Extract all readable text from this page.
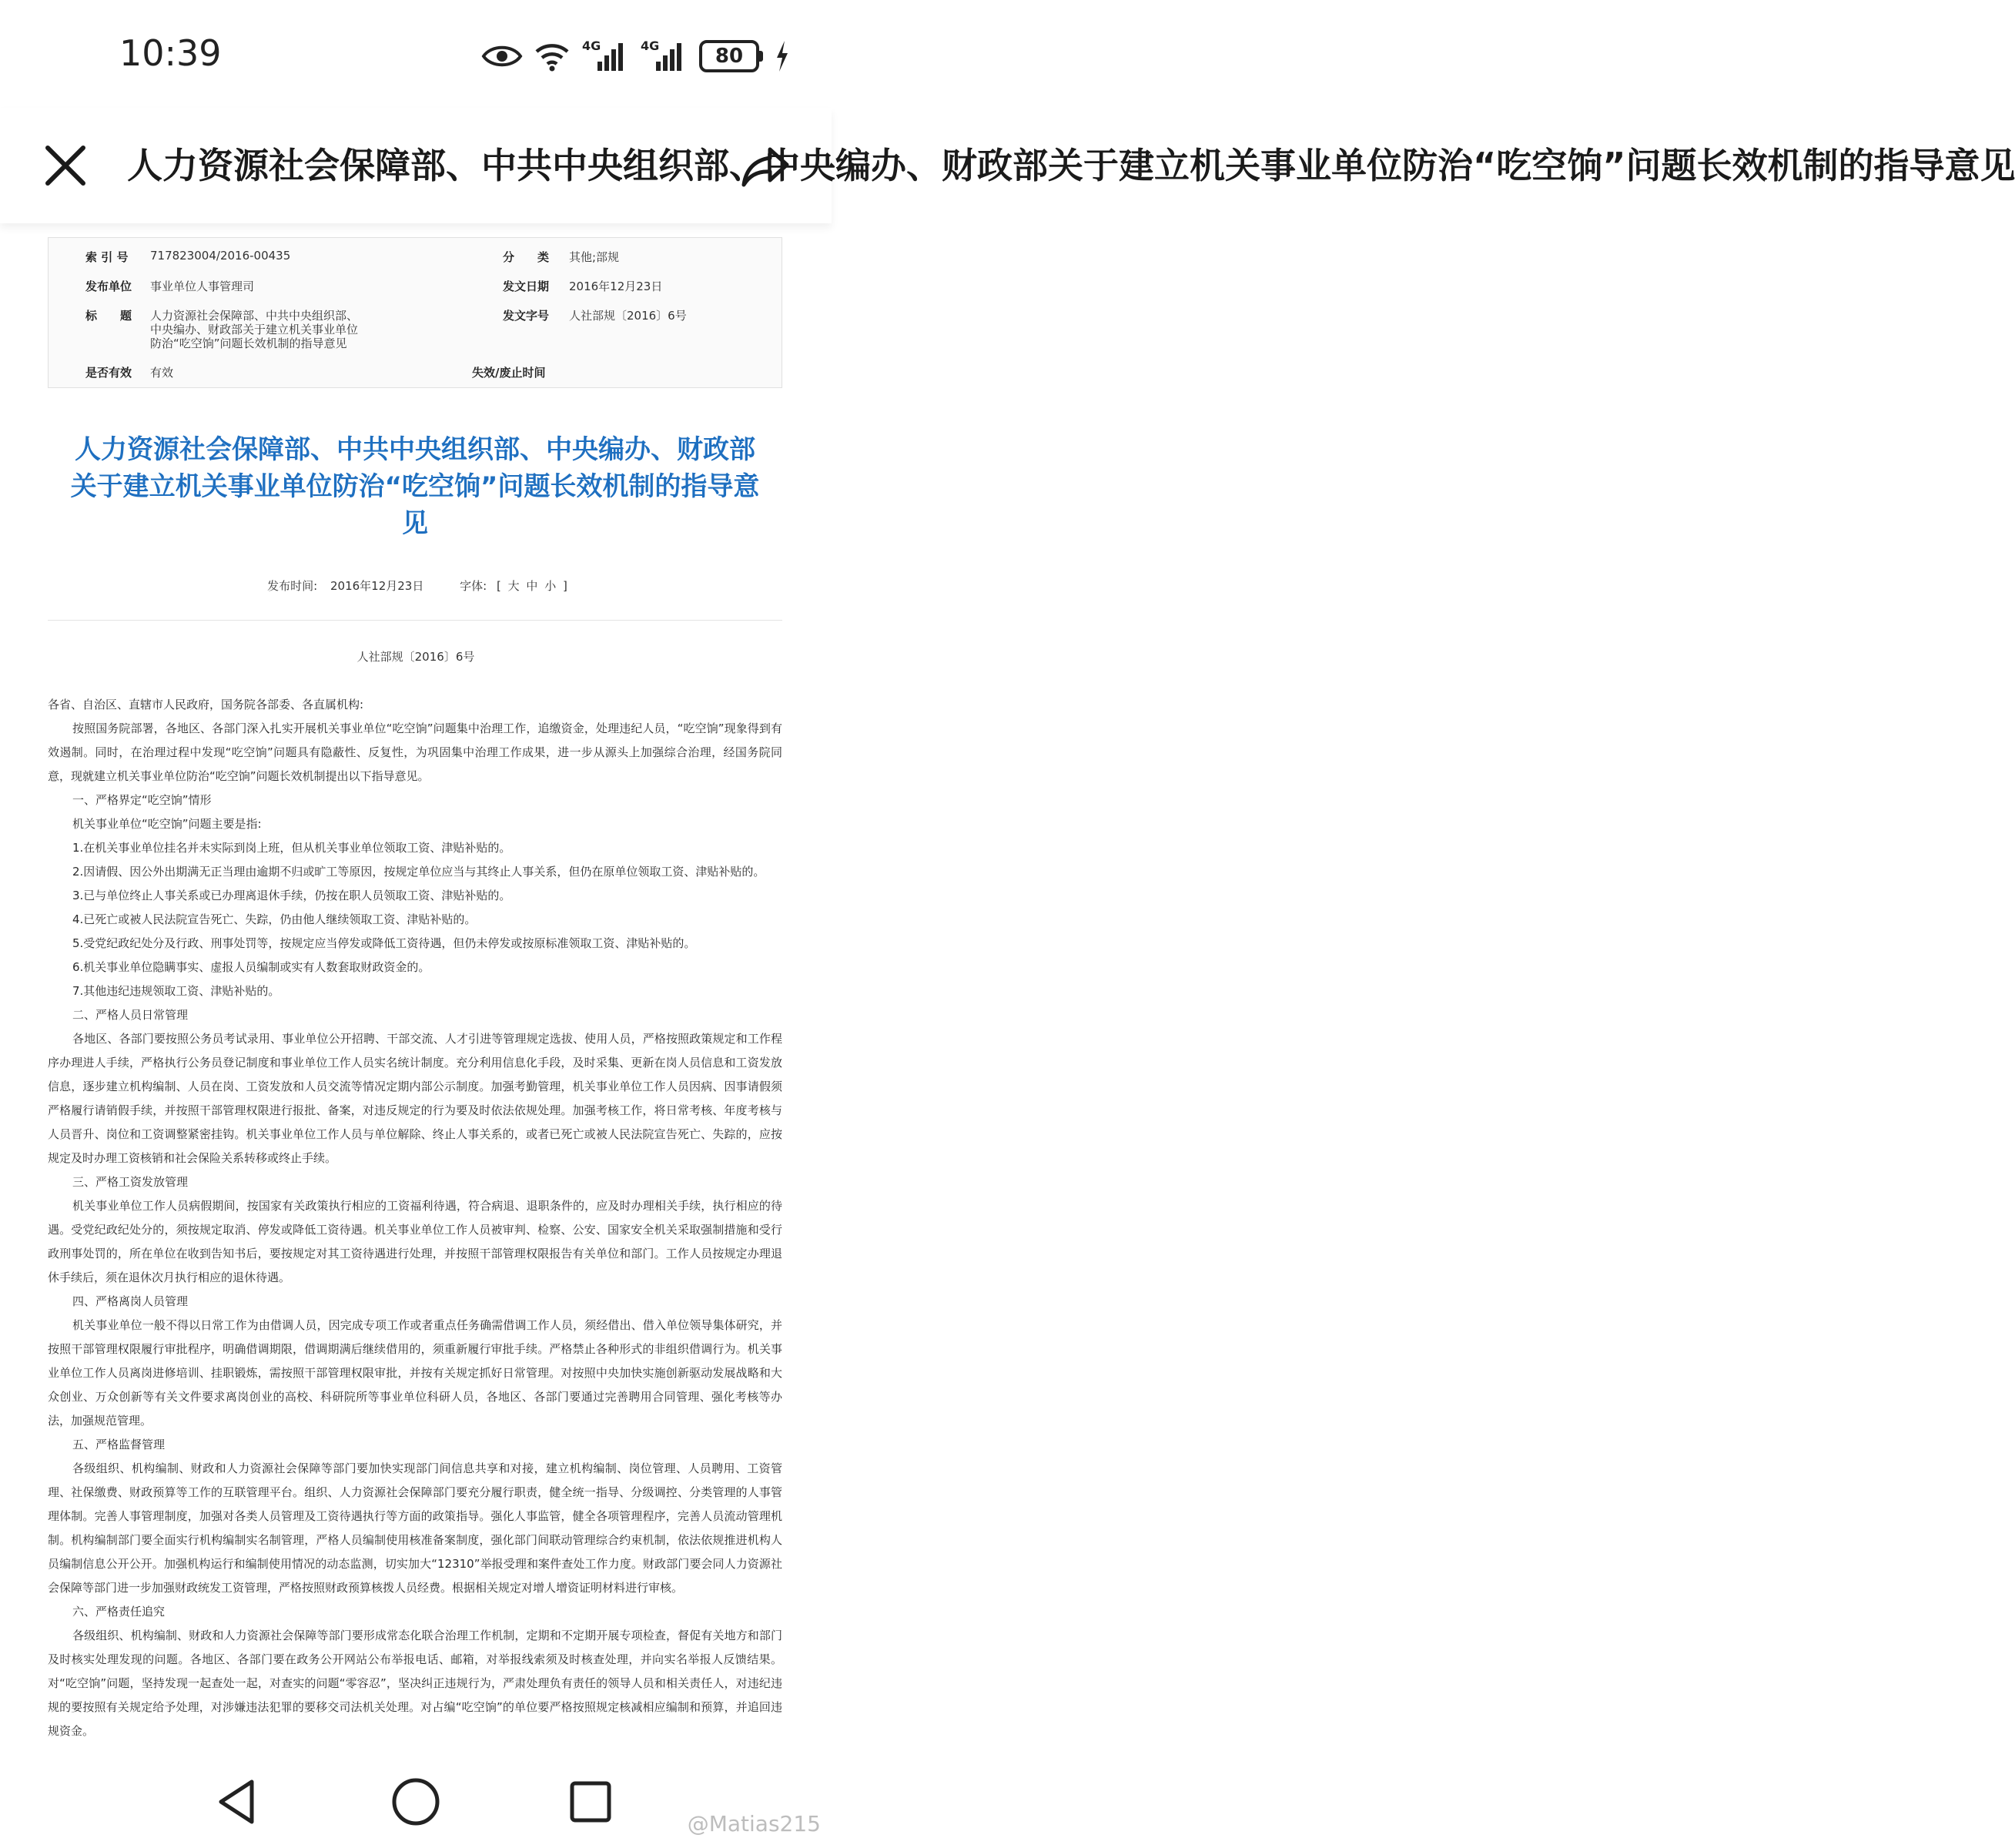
10:39	4G	4G	80
人力资源社会保障部、中共中央组织部、中央编办、财政部关于建立机关事业单位防治“吃空饷”问题长效机制的指导意见
索 引 号 717823004/2016-00435	分　　类 其他;部规
发布单位 事业单位人事管理司	发文日期 2016年12月23日
标　　题 人力资源社会保障部、中共中央组织部、
中央编办、财政部关于建立机关事业单位
防治“吃空饷”问题长效机制的指导意见
发文字号 人社部规〔2016〕6号
是否有效 有效	失效/废止时间
人力资源社会保障部、中共中央组织部、中央编办、财政部
关于建立机关事业单位防治“吃空饷”问题长效机制的指导意
见
发布时间: 2016年12月23日	字体: [ 大 中 小 ]
人社部规〔2016〕6号

各省、自治区、直辖市人民政府，国务院各部委、各直属机构:

按照国务院部署，各地区、各部门深入扎实开展机关事业单位“吃空饷”问题集中治理工作，追缴资金，处理违纪人员，“吃空饷”现象得到有效遏制。同时，在治理过程中发现“吃空饷”问题具有隐蔽性、反复性，为巩固集中治理工作成果，进一步从源头上加强综合治理，经国务院同意，现就建立机关事业单位防治“吃空饷”问题长效机制提出以下指导意见。

一、严格界定“吃空饷”情形

机关事业单位“吃空饷”问题主要是指:

1.在机关事业单位挂名并未实际到岗上班，但从机关事业单位领取工资、津贴补贴的。

2.因请假、因公外出期满无正当理由逾期不归或旷工等原因，按规定单位应当与其终止人事关系，但仍在原单位领取工资、津贴补贴的。

3.已与单位终止人事关系或已办理离退休手续，仍按在职人员领取工资、津贴补贴的。

4.已死亡或被人民法院宣告死亡、失踪，仍由他人继续领取工资、津贴补贴的。

5.受党纪政纪处分及行政、刑事处罚等，按规定应当停发或降低工资待遇，但仍未停发或按原标准领取工资、津贴补贴的。

6.机关事业单位隐瞒事实、虚报人员编制或实有人数套取财政资金的。

7.其他违纪违规领取工资、津贴补贴的。

二、严格人员日常管理

各地区、各部门要按照公务员考试录用、事业单位公开招聘、干部交流、人才引进等管理规定选拔、使用人员，严格按照政策规定和工作程序办理进人手续，严格执行公务员登记制度和事业单位工作人员实名统计制度。充分利用信息化手段，及时采集、更新在岗人员信息和工资发放信息，逐步建立机构编制、人员在岗、工资发放和人员交流等情况定期内部公示制度。加强考勤管理，机关事业单位工作人员因病、因事请假须严格履行请销假手续，并按照干部管理权限进行报批、备案，对违反规定的行为要及时依法依规处理。加强考核工作，将日常考核、年度考核与人员晋升、岗位和工资调整紧密挂钩。机关事业单位工作人员与单位解除、终止人事关系的，或者已死亡或被人民法院宣告死亡、失踪的，应按规定及时办理工资核销和社会保险关系转移或终止手续。

三、严格工资发放管理

机关事业单位工作人员病假期间，按国家有关政策执行相应的工资福利待遇，符合病退、退职条件的，应及时办理相关手续，执行相应的待遇。受党纪政纪处分的，须按规定取消、停发或降低工资待遇。机关事业单位工作人员被审判、检察、公安、国家安全机关采取强制措施和受行政刑事处罚的，所在单位在收到告知书后，要按规定对其工资待遇进行处理，并按照干部管理权限报告有关单位和部门。工作人员按规定办理退休手续后，须在退休次月执行相应的退休待遇。

四、严格离岗人员管理

机关事业单位一般不得以日常工作为由借调人员，因完成专项工作或者重点任务确需借调工作人员，须经借出、借入单位领导集体研究，并按照干部管理权限履行审批程序，明确借调期限，借调期满后继续借用的，须重新履行审批手续。严格禁止各种形式的非组织借调行为。机关事业单位工作人员离岗进修培训、挂职锻炼，需按照干部管理权限审批，并按有关规定抓好日常管理。对按照中央加快实施创新驱动发展战略和大众创业、万众创新等有关文件要求离岗创业的高校、科研院所等事业单位科研人员，各地区、各部门要通过完善聘用合同管理、强化考核等办法，加强规范管理。

五、严格监督管理

各级组织、机构编制、财政和人力资源社会保障等部门要加快实现部门间信息共享和对接，建立机构编制、岗位管理、人员聘用、工资管理、社保缴费、财政预算等工作的互联管理平台。组织、人力资源社会保障部门要充分履行职责，健全统一指导、分级调控、分类管理的人事管理体制。完善人事管理制度，加强对各类人员管理及工资待遇执行等方面的政策指导。强化人事监管，健全各项管理程序，完善人员流动管理机制。机构编制部门要全面实行机构编制实名制管理，严格人员编制使用核准备案制度，强化部门间联动管理综合约束机制，依法依规推进机构人员编制信息公开公开。加强机构运行和编制使用情况的动态监测，切实加大“12310”举报受理和案件查处工作力度。财政部门要会同人力资源社会保障等部门进一步加强财政统发工资管理，严格按照财政预算核拨人员经费。根据相关规定对增人增资证明材料进行审核。

六、严格责任追究

各级组织、机构编制、财政和人力资源社会保障等部门要形成常态化联合治理工作机制，定期和不定期开展专项检查，督促有关地方和部门及时核实处理发现的问题。各地区、各部门要在政务公开网站公布举报电话、邮箱，对举报线索须及时核查处理，并向实名举报人反馈结果。对“吃空饷”问题，坚持发现一起查处一起，对查实的问题“零容忍”，坚决纠正违规行为，严肃处理负有责任的领导人员和相关责任人，对违纪违规的要按照有关规定给予处理，对涉嫌违法犯罪的要移交司法机关处理。对占编“吃空饷”的单位要严格按照规定核减相应编制和预算，并追回违规资金。

@Matias215
